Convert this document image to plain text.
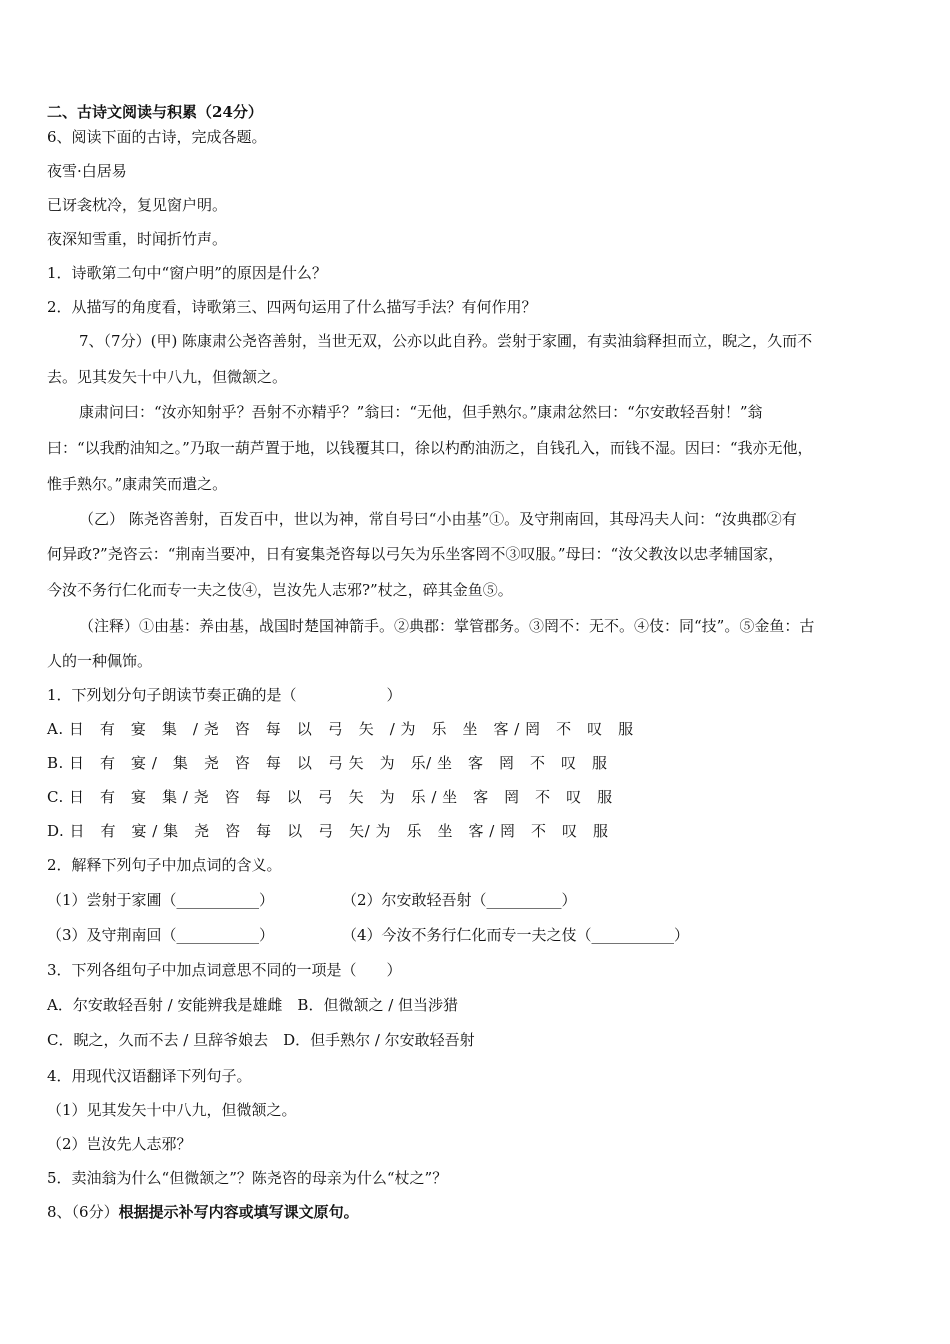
二、古诗文阅读与积累（24分）
6、阅读下面的古诗，完成各题。
夜雪·白居易
已讶衾枕冷，复见窗户明。
夜深知雪重，时闻折竹声。
1．诗歌第二句中“窗户明”的原因是什么？
2．从描写的角度看，诗歌第三、四两句运用了什么描写手法？有何作用？
7、（7分）(甲) 陈康肃公尧咨善射，当世无双，公亦以此自矜。尝射于家圃，有卖油翁释担而立，睨之，久而不
去。见其发矢十中八九，但微颔之。
康肃问曰：“汝亦知射乎？吾射不亦精乎？”翁曰：“无他，但手熟尔。”康肃忿然曰：“尔安敢轻吾射！”翁
曰：“以我酌油知之。”乃取一葫芦置于地，以钱覆其口，徐以杓酌油沥之，自钱孔入，而钱不湿。因曰：“我亦无他，
惟手熟尔。”康肃笑而遣之。
（乙） 陈尧咨善射，百发百中，世以为神，常自号曰“小由基”①。及守荆南回，其母冯夫人问：“汝典郡②有
何异政?”尧咨云：“荆南当要冲，日有宴集尧咨每以弓矢为乐坐客罔不③叹服。”母曰：“汝父教汝以忠孝辅国家，
今汝不务行仁化而专一夫之伎④，岂汝先人志邪?”杖之，碎其金鱼⑤。
（注释）①由基：养由基，战国时楚国神箭手。②典郡：掌管郡务。③罔不：无不。④伎：同“技”。⑤金鱼：古
人的一种佩饰。
1．下列划分句子朗读节奏正确的是（　　　　　　）
A. 日　有　宴　集　/ 尧　咨　每　以　弓　矢　/ 为　乐　坐　客 / 罔　不　叹　服
B. 日　有　宴 /　集　尧　咨　每　以　弓 矢　为　乐/ 坐　客　罔　不　叹　服
C. 日　有　宴　集 / 尧　咨　每　以　弓　矢　为　乐 / 坐　客　罔　不　叹　服
D. 日　有　宴 / 集　尧　咨　每　以　弓　矢/ 为　乐　坐　客 / 罔　不　叹　服
2．解释下列句子中加点词的含义。
（1）尝射于家圃（___________）	（2）尔安敢轻吾射（__________）
（3）及守荆南回（___________）	（4）今汝不务行仁化而专一夫之伎（___________）
3．下列各组句子中加点词意思不同的一项是（　　）
A．尔安敢轻吾射 / 安能辨我是雄雌　B．但微颔之 / 但当涉猎
C．睨之，久而不去 / 旦辞爷娘去　D．但手熟尔 / 尔安敢轻吾射
4．用现代汉语翻译下列句子。
（1）见其发矢十中八九，但微颔之。
（2）岂汝先人志邪？
5．卖油翁为什么“但微颔之”？陈尧咨的母亲为什么“杖之”？
8、（6分）根据提示补写内容或填写课文原句。
